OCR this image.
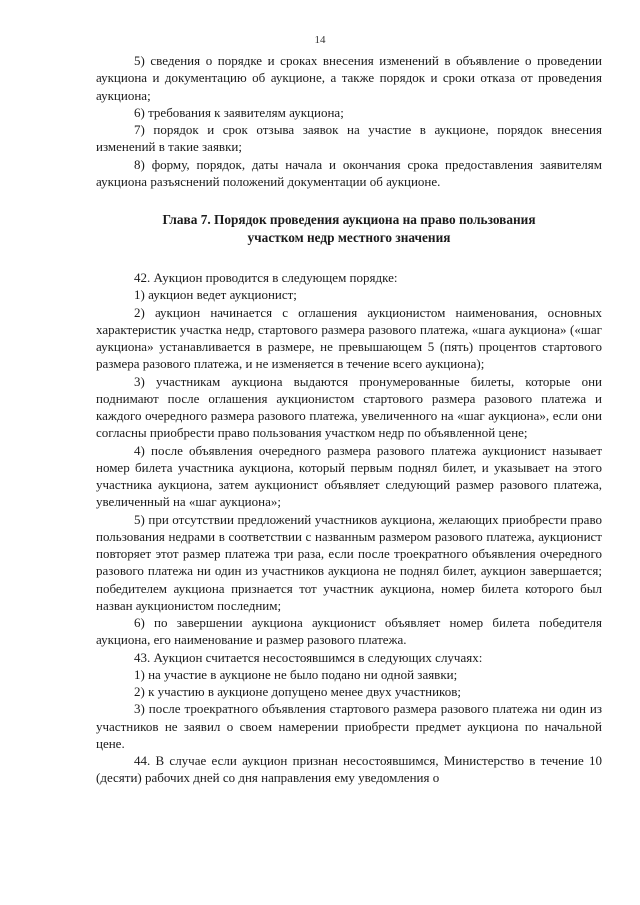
14

5) сведения о порядке и сроках внесения изменений в объявление о проведении аукциона и документацию об аукционе, а также порядок и сроки отказа от проведения аукциона;

6) требования к заявителям аукциона;

7) порядок и срок отзыва заявок на участие в аукционе, порядок внесения изменений в такие заявки;

8) форму, порядок, даты начала и окончания срока предоставления заявителям аукциона разъяснений положений документации об аукционе.

Глава 7. Порядок проведения аукциона на право пользования
участком недр местного значения

42. Аукцион проводится в следующем порядке:

1) аукцион ведет аукционист;

2) аукцион начинается с оглашения аукционистом наименования, основных характеристик участка недр, стартового размера разового платежа, «шага аукциона» («шаг аукциона» устанавливается в размере, не превышающем 5 (пять) процентов стартового размера разового платежа, и не изменяется в течение всего аукциона);

3) участникам аукциона выдаются пронумерованные билеты, которые они поднимают после оглашения аукционистом стартового размера разового платежа и каждого очередного размера разового платежа, увеличенного на «шаг аукциона», если они согласны приобрести право пользования участком недр по объявленной цене;

4) после объявления очередного размера разового платежа аукционист называет номер билета участника аукциона, который первым поднял билет, и указывает на этого участника аукциона, затем аукционист объявляет следующий размер разового платежа, увеличенный на «шаг аукциона»;

5) при отсутствии предложений участников аукциона, желающих приобрести право пользования недрами в соответствии с названным размером разового платежа, аукционист повторяет этот размер платежа три раза, если после троекратного объявления очередного разового платежа ни один из участников аукциона не поднял билет, аукцион завершается; победителем аукциона признается тот участник аукциона, номер билета которого был назван аукционистом последним;

6) по завершении аукциона аукционист объявляет номер билета победителя аукциона, его наименование и размер разового платежа.

43. Аукцион считается несостоявшимся в следующих случаях:

1) на участие в аукционе не было подано ни одной заявки;

2) к участию в аукционе допущено менее двух участников;

3) после троекратного объявления стартового размера разового платежа ни один из участников не заявил о своем намерении приобрести предмет аукциона по начальной цене.

44. В случае если аукцион признан несостоявшимся, Министерство в течение 10 (десяти) рабочих дней со дня направления ему уведомления о
